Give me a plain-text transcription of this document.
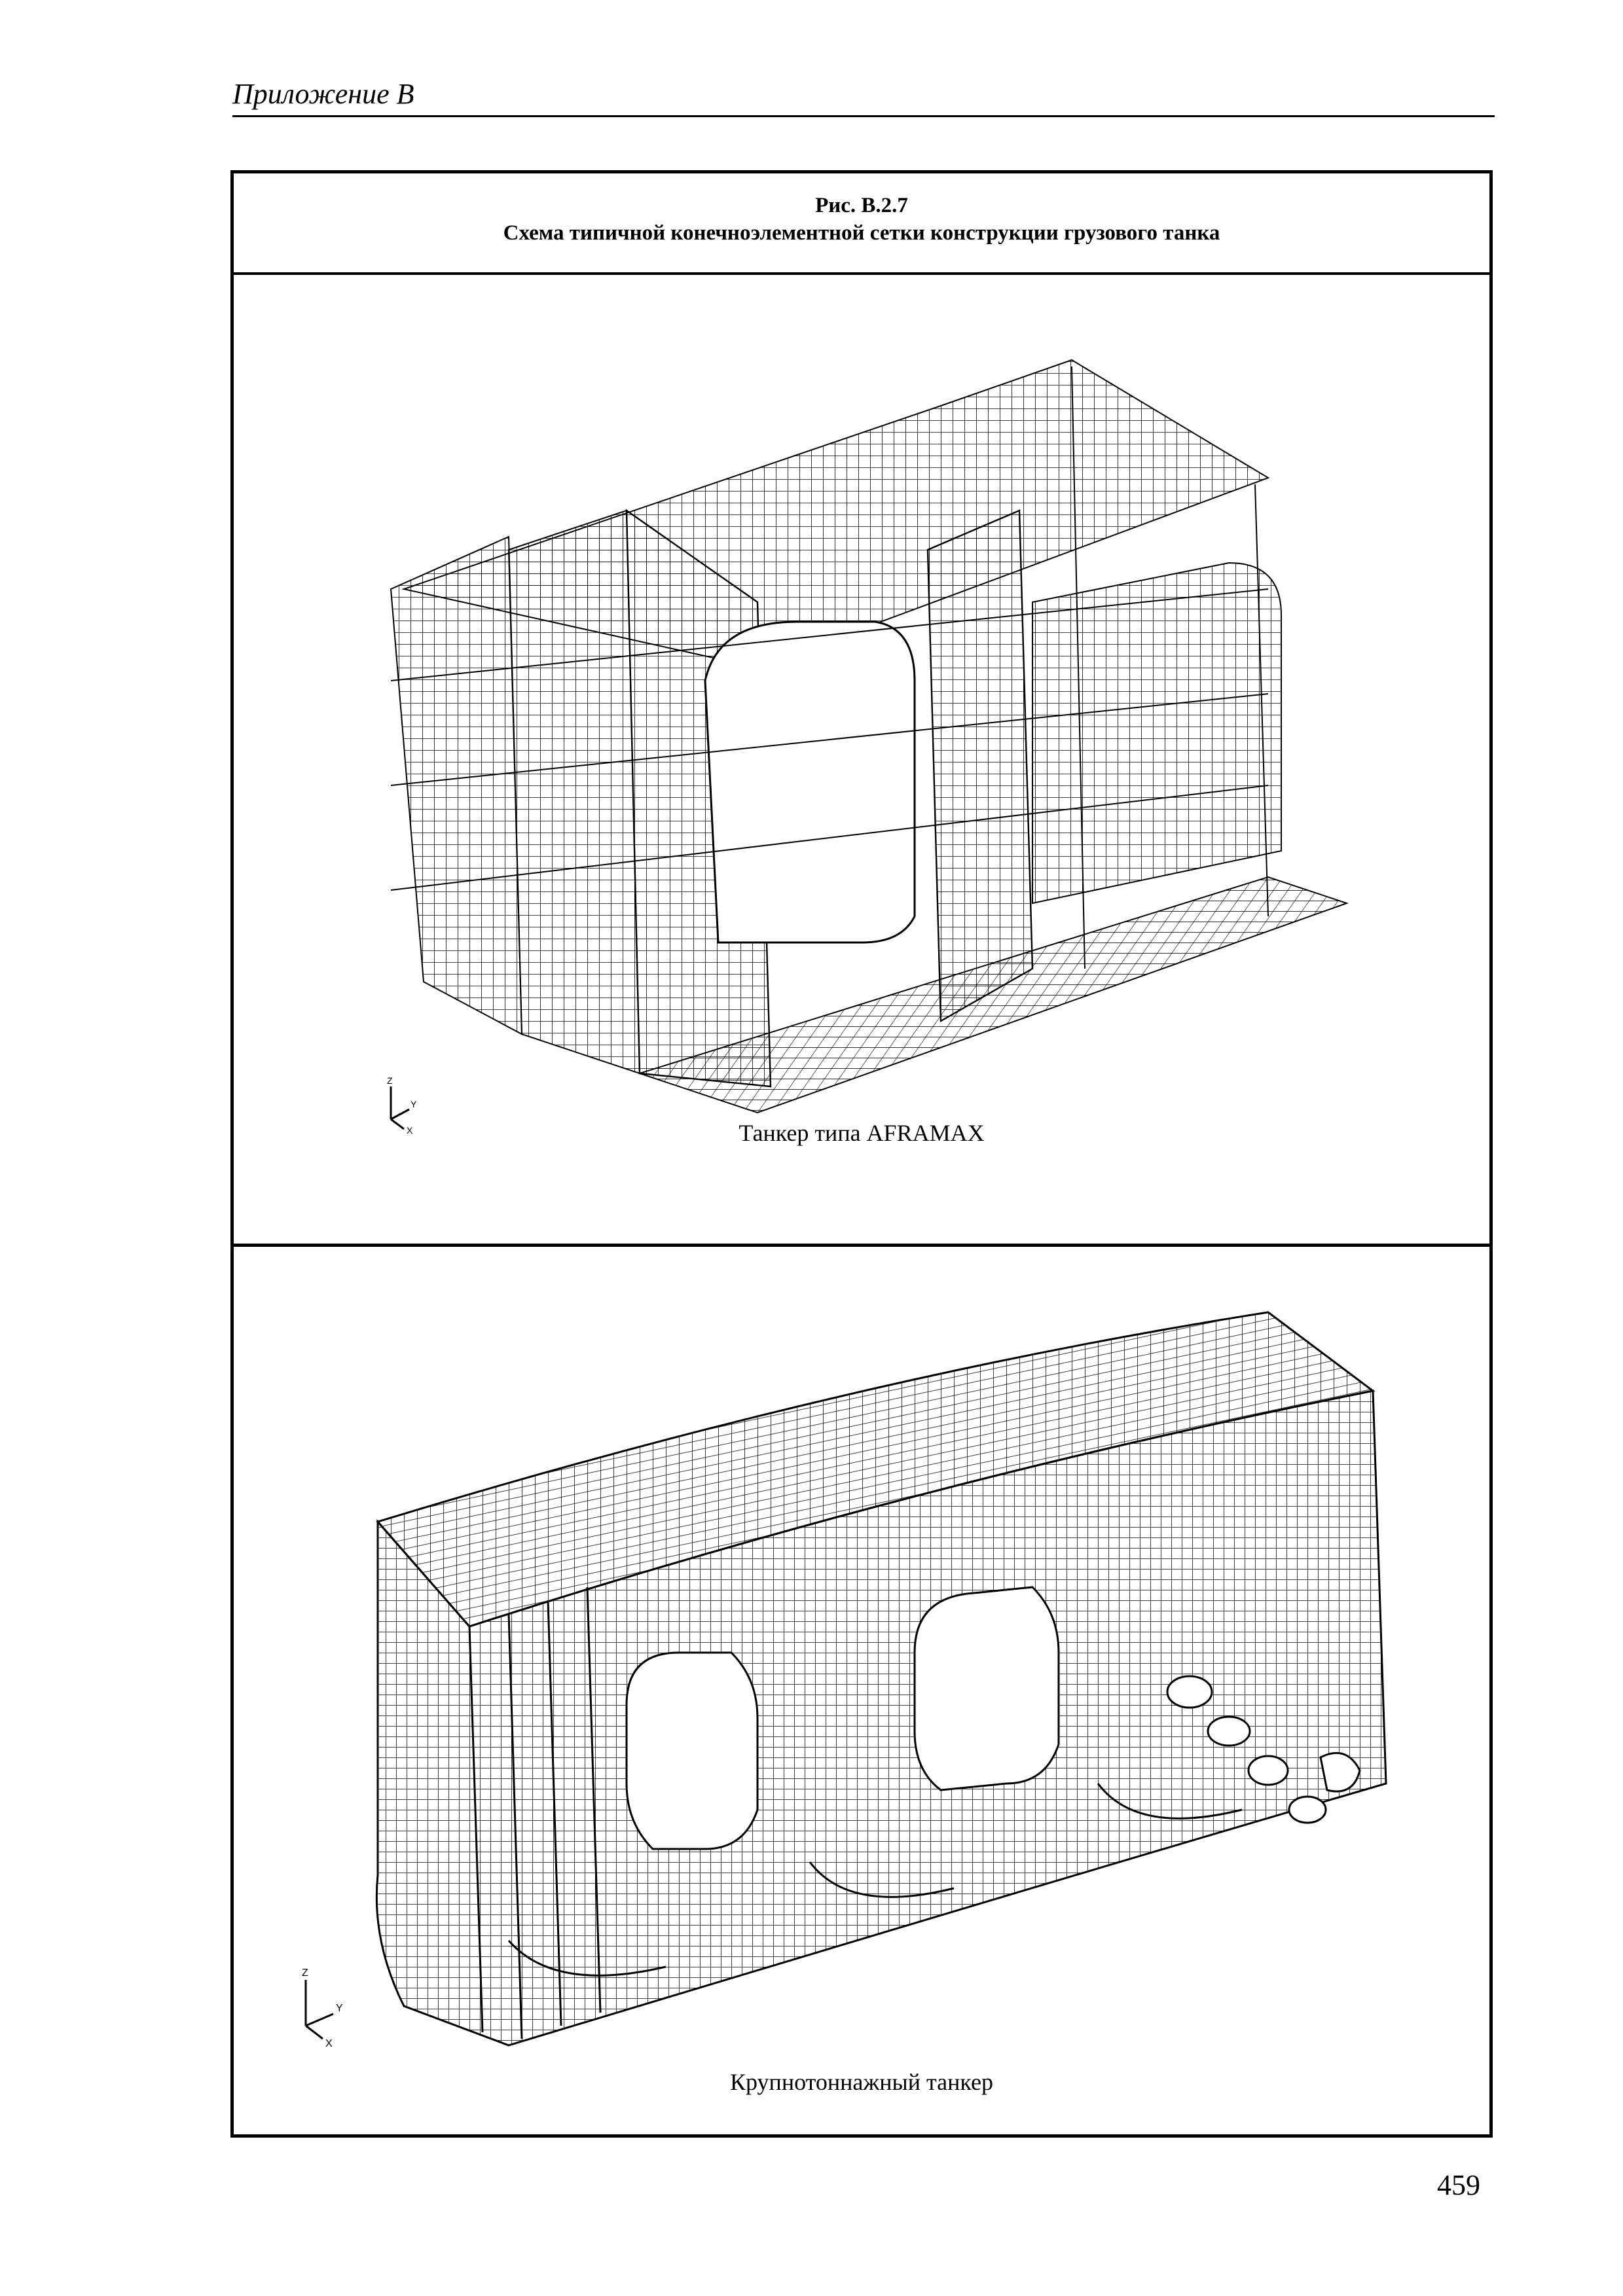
Приложение В
Рис. В.2.7
Схема типичной конечноэлементной сетки конструкции грузового танка
Z
Y
X	Танкер типа AFRAMAX
Z
Y
X
Крупнотоннажный танкер
459
